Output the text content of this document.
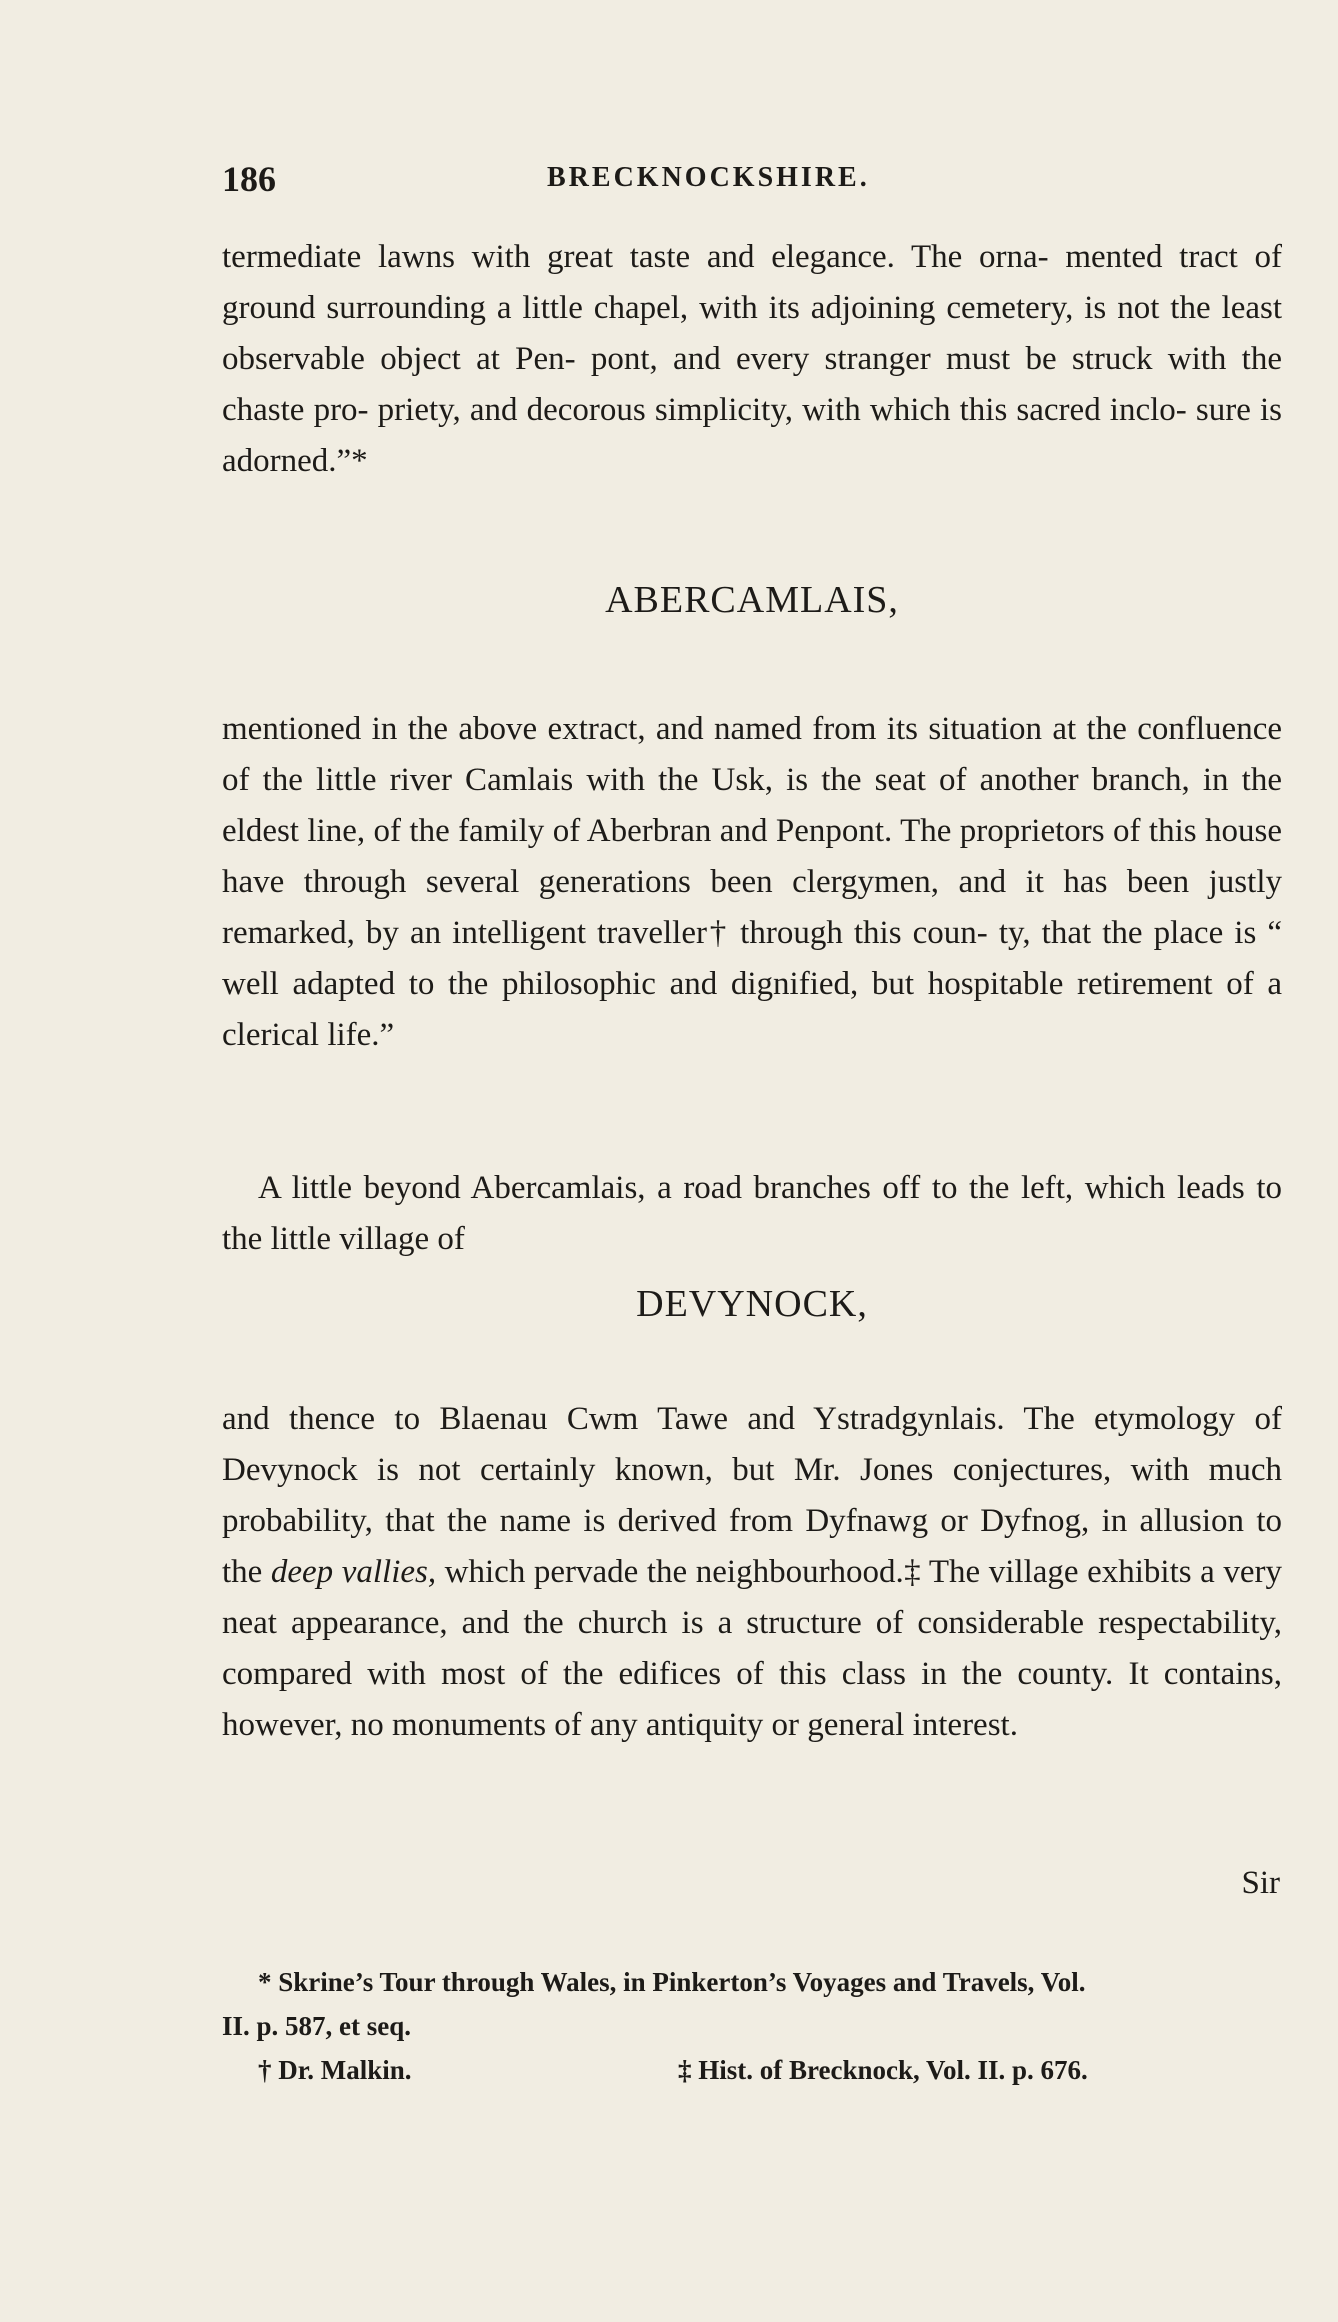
186	BRECKNOCKSHIRE.

termediate lawns with great taste and elegance. The orna- mented tract of ground surrounding a little chapel, with its adjoining cemetery, is not the least observable object at Pen- pont, and every stranger must be struck with the chaste pro- priety, and decorous simplicity, with which this sacred inclo- sure is adorned.”*

ABERCAMLAIS,

mentioned in the above extract, and named from its situation at the confluence of the little river Camlais with the Usk, is the seat of another branch, in the eldest line, of the family of Aberbran and Penpont. The proprietors of this house have through several generations been clergymen, and it has been justly remarked, by an intelligent traveller† through this coun- ty, that the place is “ well adapted to the philosophic and dignified, but hospitable retirement of a clerical life.”

A little beyond Abercamlais, a road branches off to the left, which leads to the little village of

DEVYNOCK,

and thence to Blaenau Cwm Tawe and Ystradgynlais. The etymology of Devynock is not certainly known, but Mr. Jones conjectures, with much probability, that the name is derived from Dyfnawg or Dyfnog, in allusion to the deep vallies, which pervade the neighbourhood.‡ The village exhibits a very neat appearance, and the church is a structure of considerable respectability, compared with most of the edifices of this class in the county. It contains, however, no monuments of any antiquity or general interest.

Sir
* Skrine’s Tour through Wales, in Pinkerton’s Voyages and Travels, Vol.
II. p. 587, et seq.
† Dr. Malkin.	‡ Hist. of Brecknock, Vol. II. p. 676.
